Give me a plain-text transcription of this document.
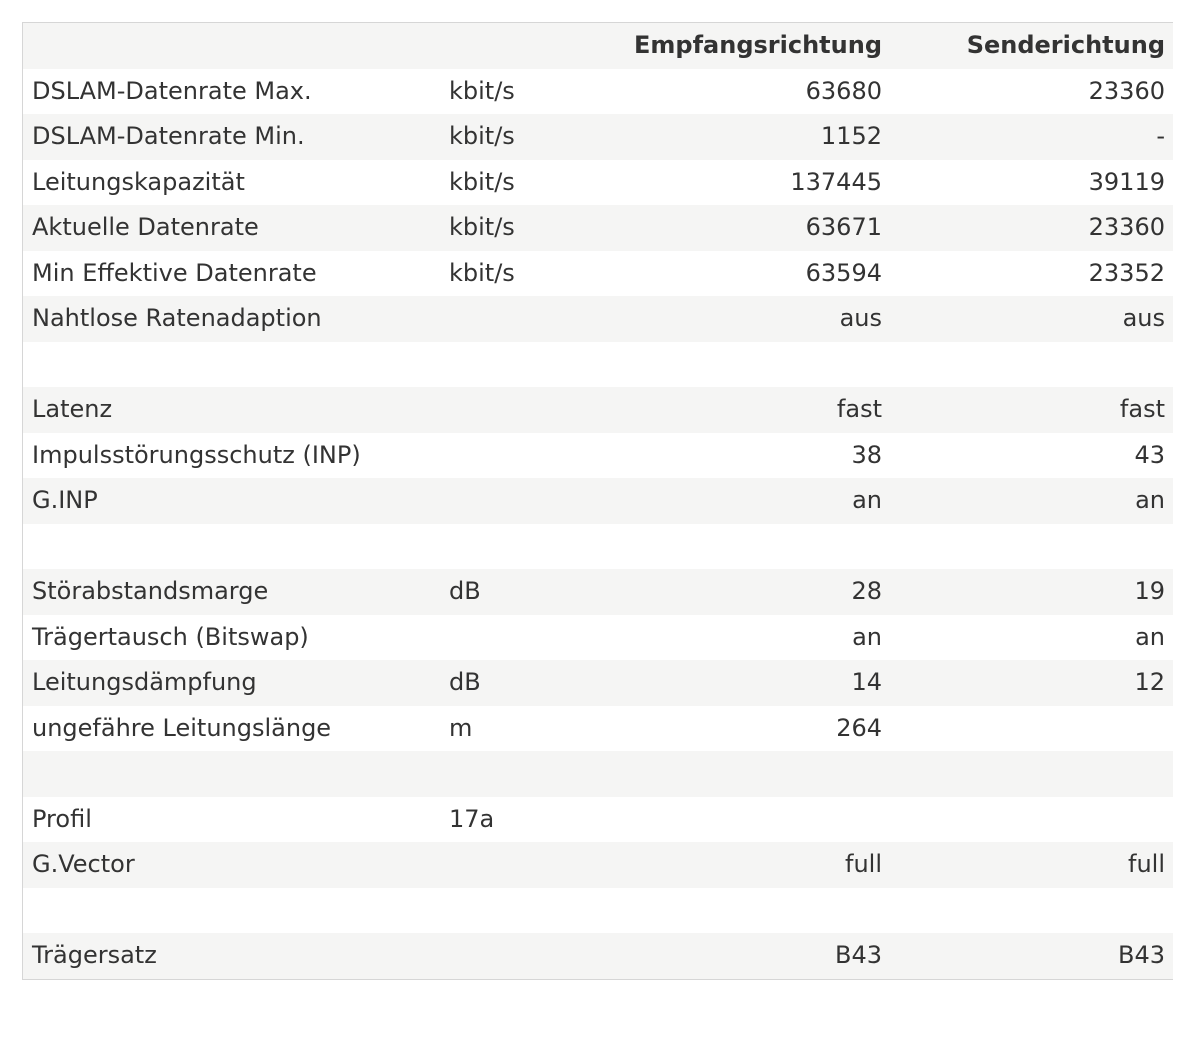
		Empfangsrichtung	Senderichtung
DSLAM-Datenrate Max.	kbit/s	63680	23360
DSLAM-Datenrate Min.	kbit/s	1152	-
Leitungskapazität	kbit/s	137445	39119
Aktuelle Datenrate	kbit/s	63671	23360
Min Effektive Datenrate	kbit/s	63594	23352
Nahtlose Ratenadaption		aus	aus

Latenz		fast	fast
Impulsstörungsschutz (INP)		38	43
G.INP		an	an

Störabstandsmarge	dB	28	19
Trägertausch (Bitswap)		an	an
Leitungsdämpfung	dB	14	12
ungefähre Leitungslänge	m	264	

Profil	17a		
G.Vector		full	full

Trägersatz		B43	B43
